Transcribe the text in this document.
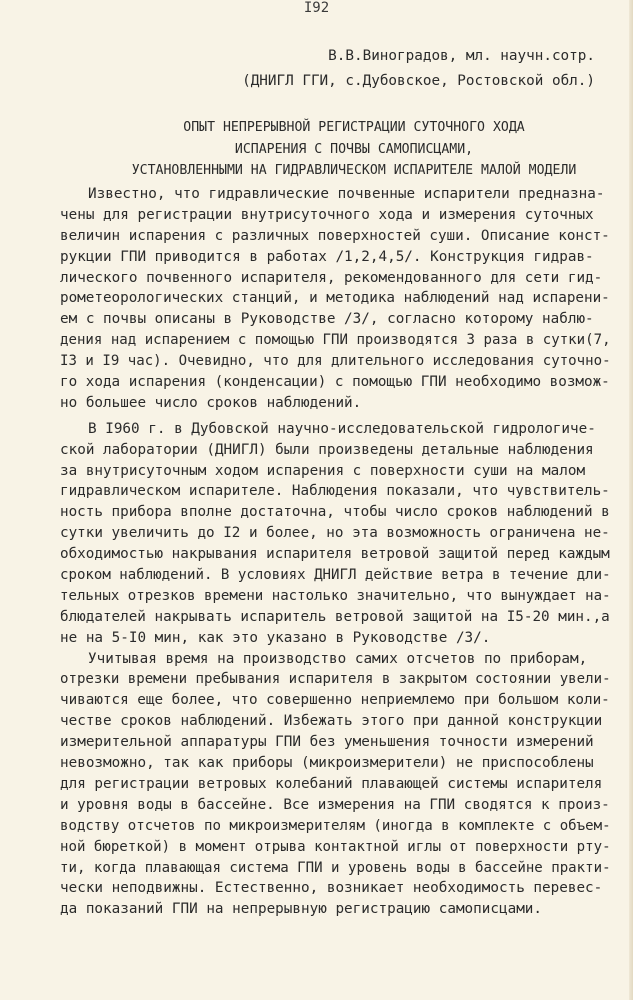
I92
В.В.Виноградов, мл. научн.сотр.
(ДНИГЛ ГГИ, с.Дубовское, Ростовской обл.)
ОПЫТ НЕПРЕРЫВНОЙ РЕГИСТРАЦИИ СУТОЧНОГО ХОДА
ИСПАРЕНИЯ С ПОЧВЫ САМОПИСЦАМИ,
УСТАНОВЛЕННЫМИ НА ГИДРАВЛИЧЕСКОМ ИСПАРИТЕЛЕ МАЛОЙ МОДЕЛИ
Известно, что гидравлические почвенные испарители предназна-
чены для регистрации внутрисуточного хода и измерения суточных
величин испарения с различных поверхностей суши. Описание конст-
рукции ГПИ приводится в работах /1,2,4,5/. Конструкция гидрав-
лического почвенного испарителя, рекомендованного для сети гид-
рометеорологических станций, и методика наблюдений над испарени-
ем с почвы описаны в Руководстве /3/, согласно которому наблю-
дения над испарением с помощью ГПИ производятся 3 раза в сутки(7,
I3 и I9 час). Очевидно, что для длительного исследования суточно-
го хода испарения (конденсации) с помощью ГПИ необходимо возмож-
но большее число сроков наблюдений.
В I960 г. в Дубовской научно-исследовательской гидрологиче-
ской лаборатории (ДНИГЛ) были произведены детальные наблюдения
за внутрисуточным ходом испарения с поверхности суши на малом
гидравлическом испарителе. Наблюдения показали, что чувствитель-
ность прибора вполне достаточна, чтобы число сроков наблюдений в
сутки увеличить до I2 и более, но эта возможность ограничена не-
обходимостью накрывания испарителя ветровой защитой перед каждым
сроком наблюдений. В условиях ДНИГЛ действие ветра в течение дли-
тельных отрезков времени настолько значительно, что вынуждает на-
блюдателей накрывать испаритель ветровой защитой на I5-20 мин.,а
не на 5-I0 мин, как это указано в Руководстве /3/.
Учитывая время на производство самих отсчетов по приборам,
отрезки времени пребывания испарителя в закрытом состоянии увели-
чиваются еще более, что совершенно неприемлемо при большом коли-
честве сроков наблюдений. Избежать этого при данной конструкции
измерительной аппаратуры ГПИ без уменьшения точности измерений
невозможно, так как приборы (микроизмерители) не приспособлены
для регистрации ветровых колебаний плавающей системы испарителя
и уровня воды в бассейне. Все измерения на ГПИ сводятся к произ-
водству отсчетов по микроизмерителям (иногда в комплекте с объем-
ной бюреткой) в момент отрыва контактной иглы от поверхности рту-
ти, когда плавающая система ГПИ и уровень воды в бассейне практи-
чески неподвижны. Естественно, возникает необходимость перевес-
да показаний ГПИ на непрерывную регистрацию самописцами.
